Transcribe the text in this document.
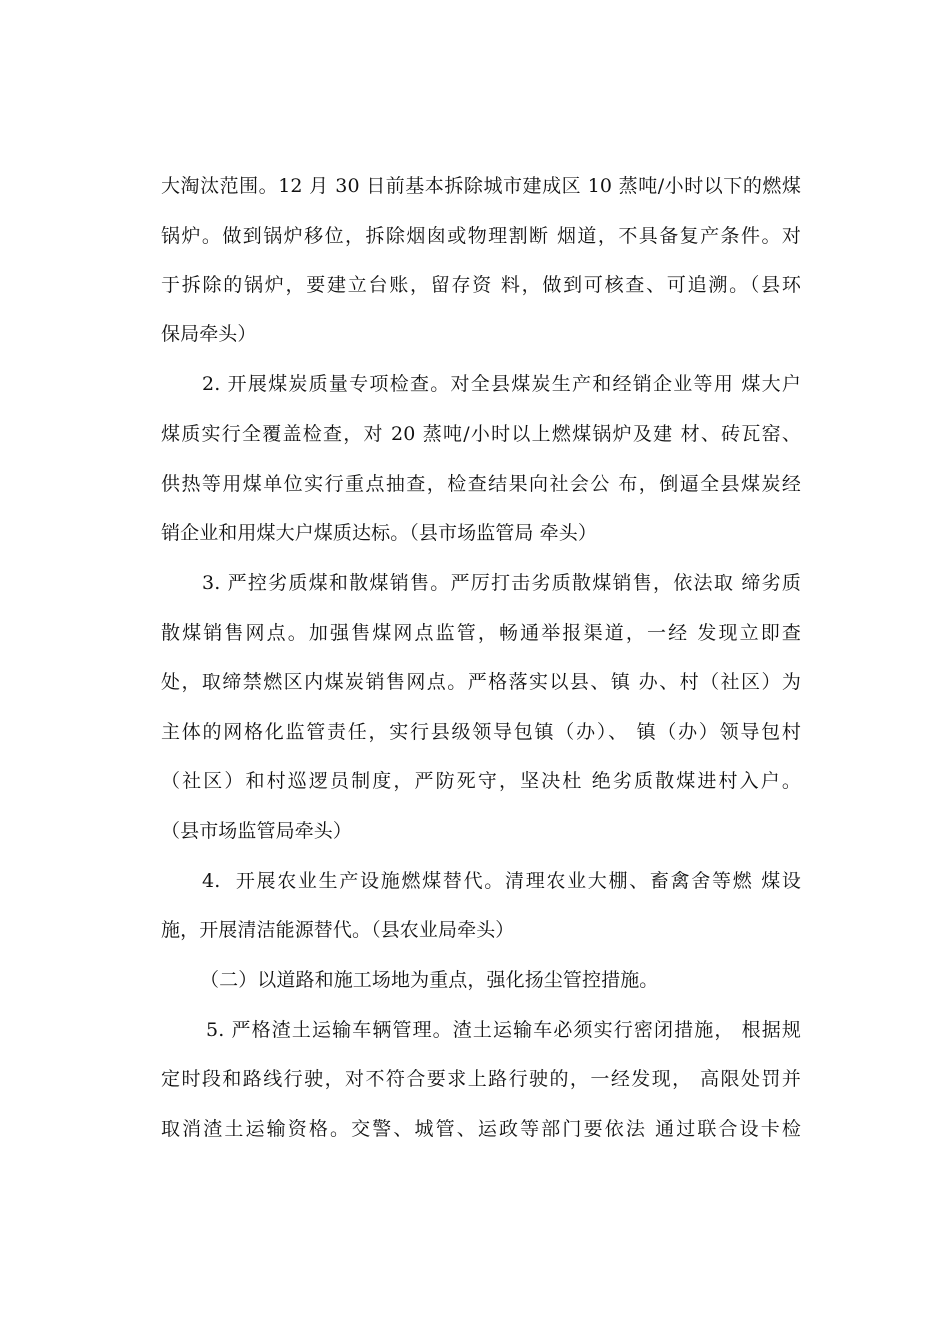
大淘汰范围。12 月 30 日前基本拆除城市建成区 10 蒸吨/小时以下的燃煤
锅炉。做到锅炉移位，拆除烟囱或物理割断 烟道，不具备复产条件。对
于拆除的锅炉，要建立台账，留存资 料，做到可核查、可追溯。（县环
保局牵头）
2. 开展煤炭质量专项检查。对全县煤炭生产和经销企业等用 煤大户
煤质实行全覆盖检查，对 20 蒸吨/小时以上燃煤锅炉及建 材、砖瓦窑、
供热等用煤单位实行重点抽查，检查结果向社会公 布，倒逼全县煤炭经
销企业和用煤大户煤质达标。（县市场监管局 牵头）
3. 严控劣质煤和散煤销售。严厉打击劣质散煤销售，依法取 缔劣质
散煤销售网点。加强售煤网点监管，畅通举报渠道，一经 发现立即查
处，取缔禁燃区内煤炭销售网点。严格落实以县、镇 办、村（社区）为
主体的网格化监管责任，实行县级领导包镇（办）、 镇（办）领导包村
（社区）和村巡逻员制度，严防死守，坚决杜 绝劣质散煤进村入户。
（县市场监管局牵头）
4.  开展农业生产设施燃煤替代。清理农业大棚、畜禽舍等燃 煤设
施，开展清洁能源替代。（县农业局牵头）
（二）以道路和施工场地为重点，强化扬尘管控措施。
5. 严格渣土运输车辆管理。渣土运输车必须实行密闭措施， 根据规
定时段和路线行驶，对不符合要求上路行驶的，一经发现， 高限处罚并
取消渣土运输资格。交警、城管、运政等部门要依法 通过联合设卡检
